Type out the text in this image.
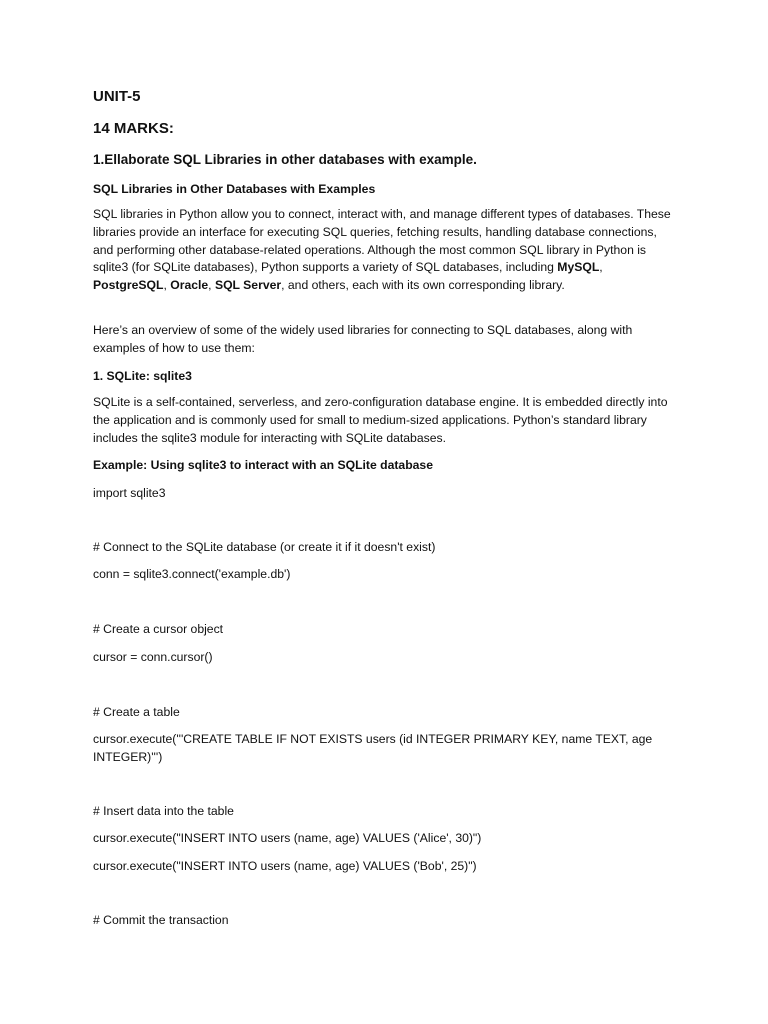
UNIT-5
14 MARKS:
1.Ellaborate SQL Libraries in other databases with example.
SQL Libraries in Other Databases with Examples

SQL libraries in Python allow you to connect, interact with, and manage different types of databases. These libraries provide an interface for executing SQL queries, fetching results, handling database connections, and performing other database-related operations. Although the most common SQL library in Python is sqlite3 (for SQLite databases), Python supports a variety of SQL databases, including MySQL, PostgreSQL, Oracle, SQL Server, and others, each with its own corresponding library.

Here’s an overview of some of the widely used libraries for connecting to SQL databases, along with examples of how to use them:

1. SQLite: sqlite3

SQLite is a self-contained, serverless, and zero-configuration database engine. It is embedded directly into the application and is commonly used for small to medium-sized applications. Python’s standard library includes the sqlite3 module for interacting with SQLite databases.

Example: Using sqlite3 to interact with an SQLite database
import sqlite3
# Connect to the SQLite database (or create it if it doesn't exist)
conn = sqlite3.connect('example.db')
# Create a cursor object
cursor = conn.cursor()
# Create a table
cursor.execute('''CREATE TABLE IF NOT EXISTS users (id INTEGER PRIMARY KEY, name TEXT, age INTEGER)''')
# Insert data into the table
cursor.execute("INSERT INTO users (name, age) VALUES ('Alice', 30)")
cursor.execute("INSERT INTO users (name, age) VALUES ('Bob', 25)")
# Commit the transaction
